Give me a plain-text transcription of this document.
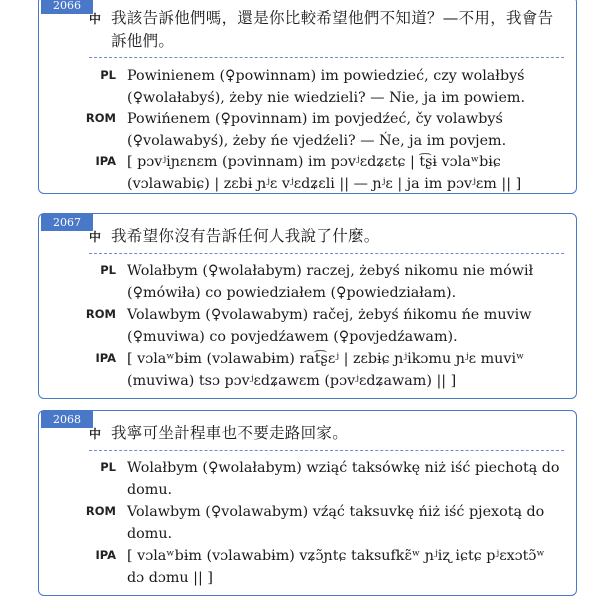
2066
中 我該告訴他們嗎，還是你比較希望他們不知道？—不用，我會告訴他們。
PL Powinienem (♀powinnam) im powiedzieć, czy wolałbyś (♀wolałabyś), żeby nie wiedzieli? — Nie, ja im powiem.
ROM Powińenem (♀povinnam) im povjedźeć, čy volawbyś (♀volawabyś), żeby ńe vjedźeli? — Ńe, ja im povjem.
IPA [ pɔvʲiɲɛnɛm (pɔvinnam) im pɔvʲɛdʑɛtɕ | t͡ʂɨ vɔlaʷbɨɕ (vɔlawabiɕ) | zɛbɨ ɲʲɛ vʲɛdʑɛli || — ɲʲɛ | ja im pɔvʲɛm || ]
2067
中 我希望你沒有告訴任何人我說了什麼。
PL Wolałbym (♀wolałabym) raczej, żebyś nikomu nie mówił (♀mówiła) co powiedziałem (♀powiedziałam).
ROM Volawbym (♀volawabym) račej, żebyś ńikomu ńe muviw (♀muviwa) co povjedźawem (♀povjedźawam).
IPA [ vɔlaʷbɨm (vɔlawabɨm) rat͡ʂɛʲ | zɛbɨɕ ɲʲikɔmu ɲʲɛ muviʷ (muviwa) tsɔ pɔvʲɛdʑawɛm (pɔvʲɛdʑawam) || ]
2068
中 我寧可坐計程車也不要走路回家。
PL Wolałbym (♀wolałabym) wziąć taksówkę niż iść piechotą do domu.
ROM Volawbym (♀volawabym) vźąć taksuvkę ńiż iść pjexotą do domu.
IPA [ vɔlaʷbɨm (vɔlawabɨm) vʑɔ̃ɲtɕ taksufkɛ̃ʷ ɲʲiʐ iɕtɕ pʲɛxɔtɔ̃ʷ dɔ dɔmu || ]
